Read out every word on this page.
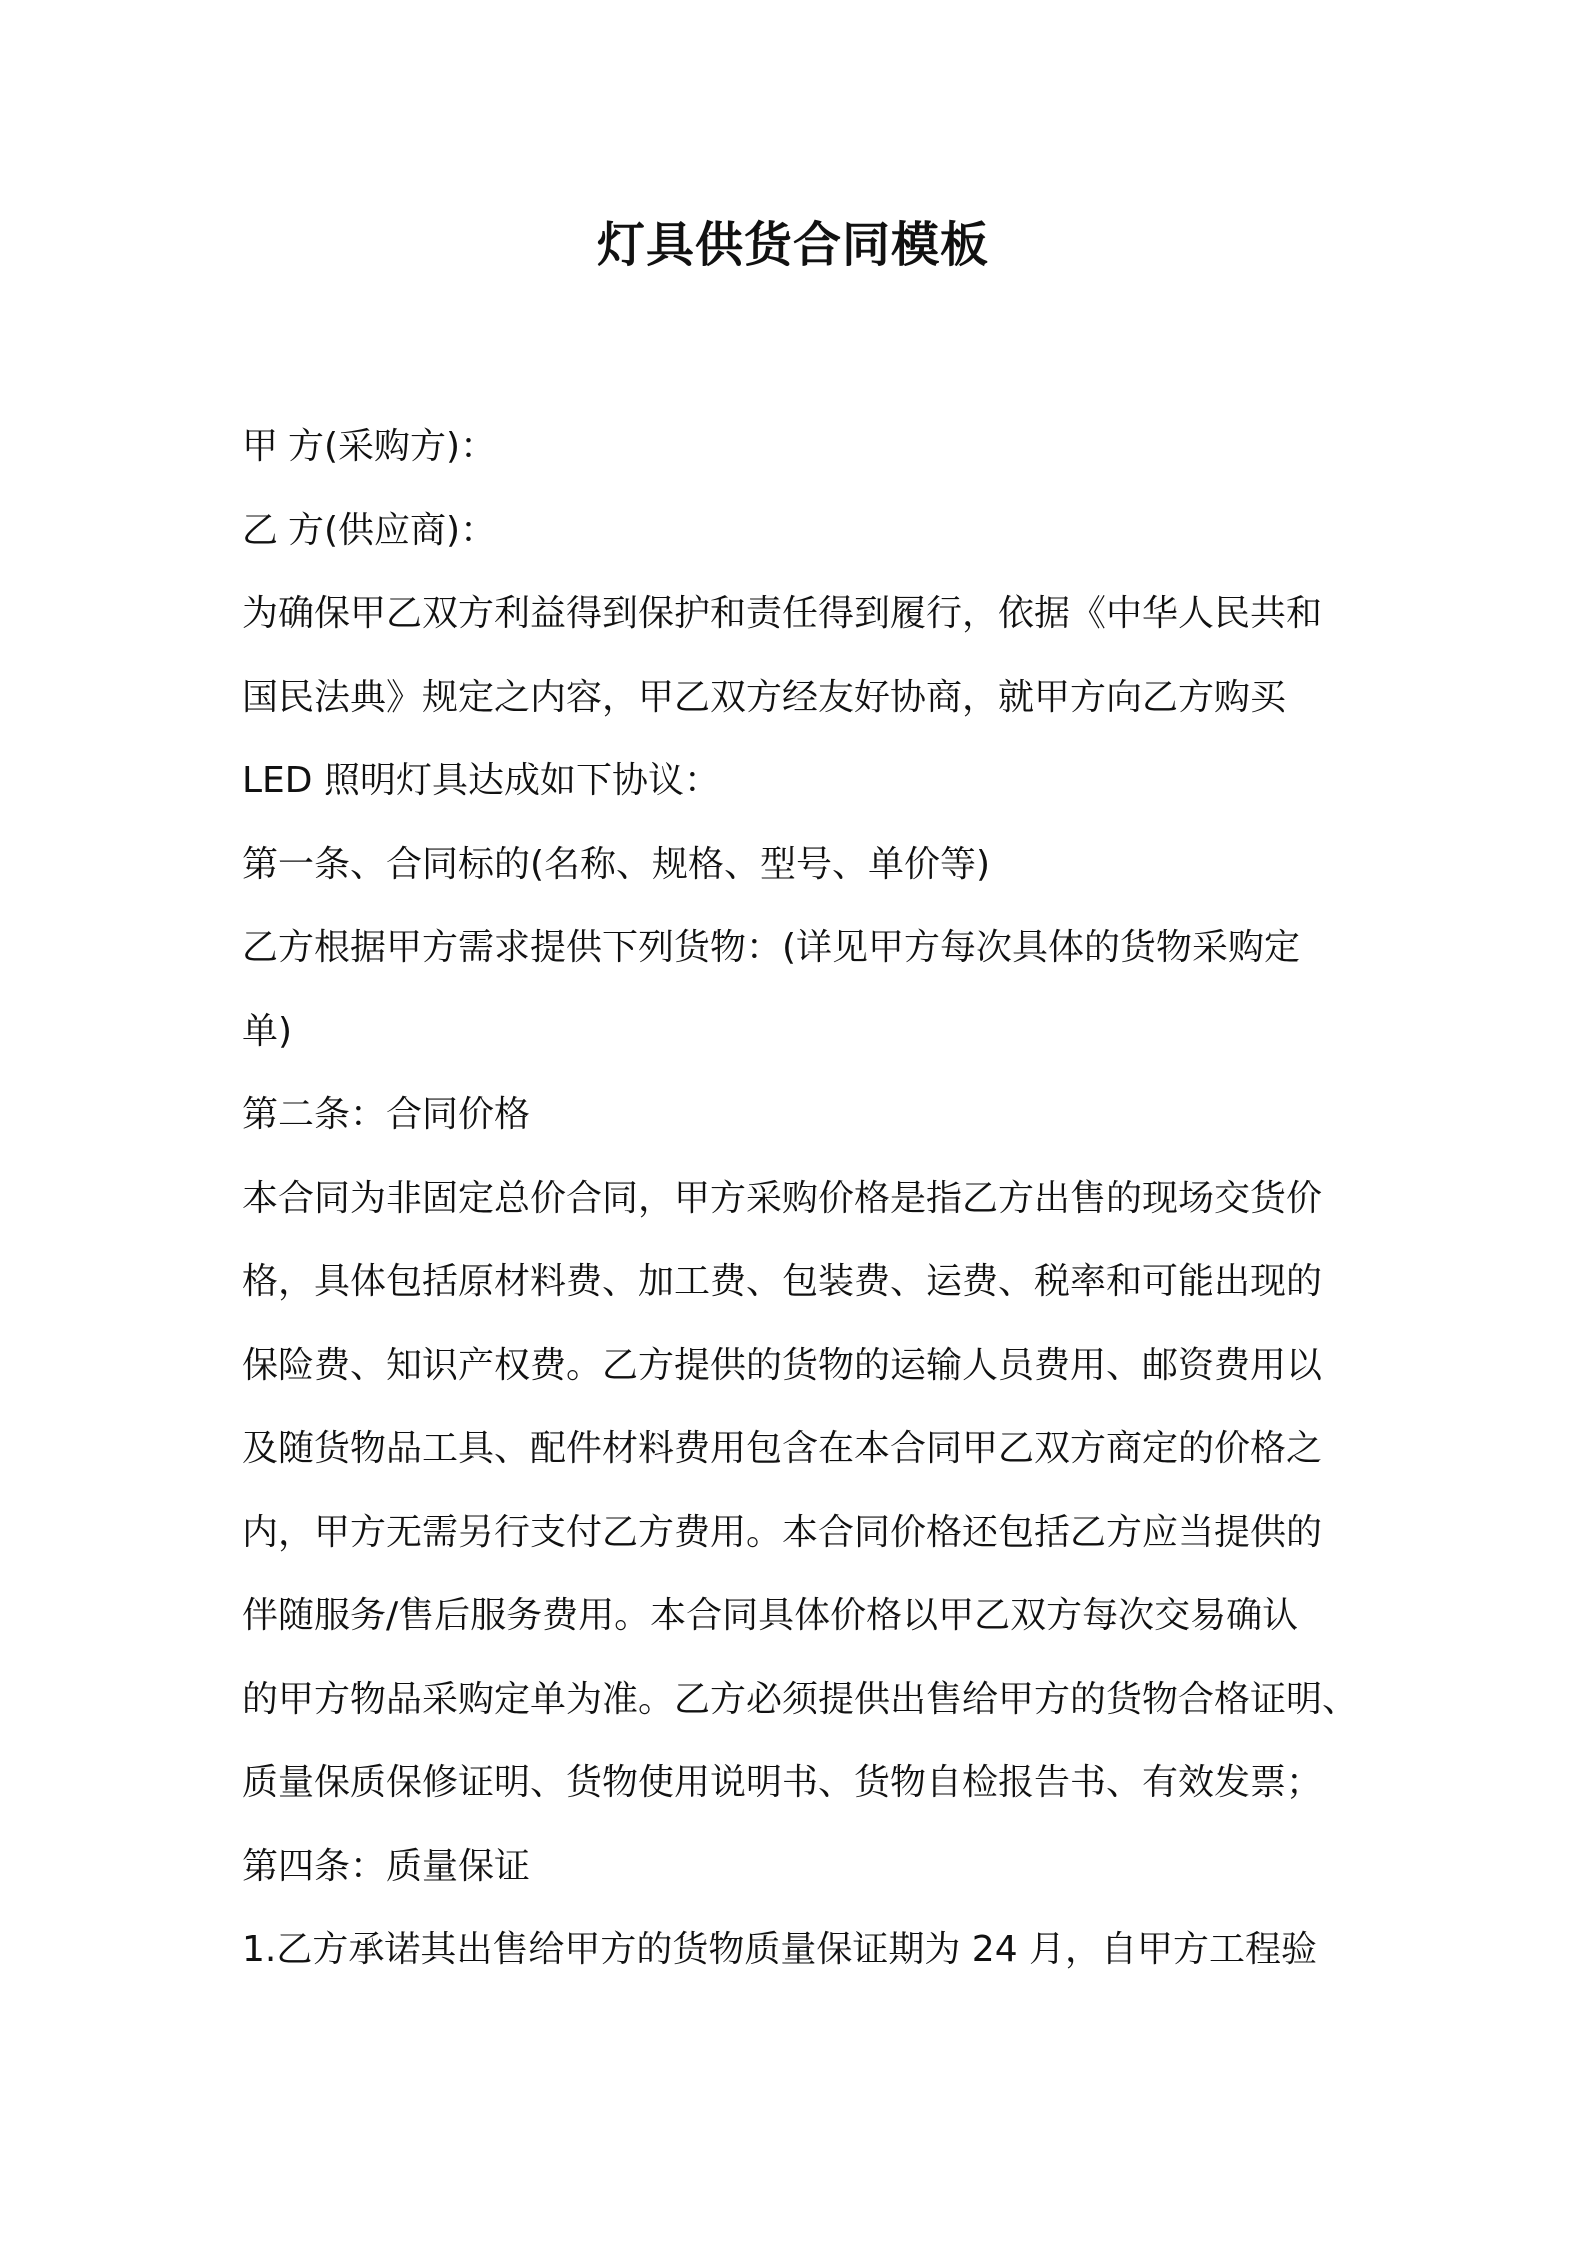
灯具供货合同模板
甲 方(采购方)：
乙 方(供应商)：
为确保甲乙双方利益得到保护和责任得到履行，依据《中华人民共和
国民法典》规定之内容，甲乙双方经友好协商，就甲方向乙方购买
LED 照明灯具达成如下协议：
第一条、合同标的(名称、规格、型号、单价等)
乙方根据甲方需求提供下列货物：(详见甲方每次具体的货物采购定
单)
第二条：合同价格
本合同为非固定总价合同，甲方采购价格是指乙方出售的现场交货价
格，具体包括原材料费、加工费、包装费、运费、税率和可能出现的
保险费、知识产权费。乙方提供的货物的运输人员费用、邮资费用以
及随货物品工具、配件材料费用包含在本合同甲乙双方商定的价格之
内，甲方无需另行支付乙方费用。本合同价格还包括乙方应当提供的
伴随服务/售后服务费用。本合同具体价格以甲乙双方每次交易确认
的甲方物品采购定单为准。乙方必须提供出售给甲方的货物合格证明、
质量保质保修证明、货物使用说明书、货物自检报告书、有效发票；
第四条：质量保证
1.乙方承诺其出售给甲方的货物质量保证期为 24 月，自甲方工程验
